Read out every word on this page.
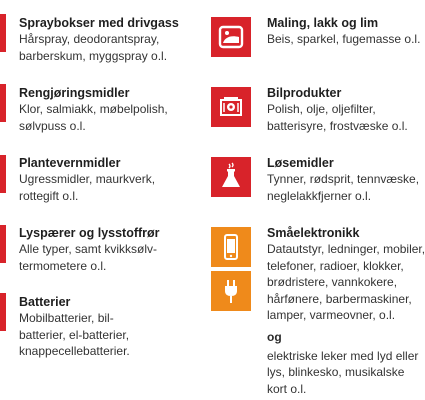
Spraybokser med drivgass
Hårspray, deodorantspray,
barberskum, myggspray o.l.
Rengjøringsmidler
Klor, salmiakk, møbelpolish,
sølvpuss o.l.
Plantevernmidler
Ugressmidler, maurkverk,
rottegift o.l.
Lyspærer og lysstoffrør
Alle typer, samt kvikksølv-
termometere o.l.
Batterier
Mobilbatterier, bil-
batterier, el-batterier,
knappecellebatterier.
Maling, lakk og lim
Beis, sparkel, fugemasse o.l.
Bilprodukter
Polish, olje, oljefilter,
batterisyre, frostvæske o.l.
Løsemidler
Tynner, rødsprit, tennvæske,
neglelakkfjerner o.l.
Småelektronikk
Datautstyr, ledninger, mobiler,
telefoner, radioer, klokker,
brødristere, vannkokere,
hårfønere, barbermaskiner,
lamper, varmeovner, o.l.
og
elektriske leker med lyd eller
lys, blinkesko, musikalske
kort o.l.
